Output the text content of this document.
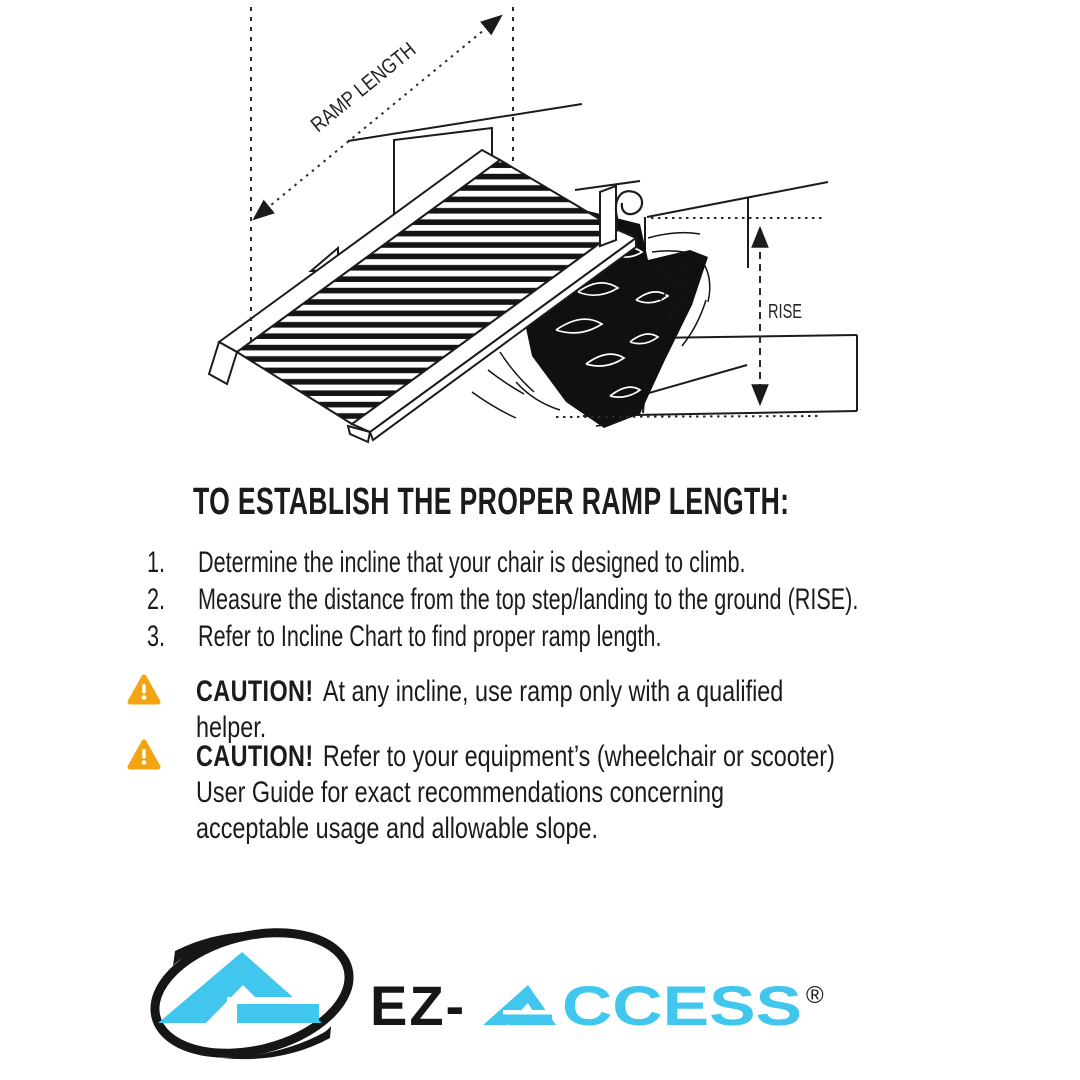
RAMP LENGTH
RISE
TO ESTABLISH THE PROPER RAMP LENGTH:
1. Determine the incline that your chair is designed to climb.
2. Measure the distance from the top step/landing to the ground (RISE).
3. Refer to Incline Chart to find proper ramp length.
CAUTION! At any incline, use ramp only with a qualified
helper.
CAUTION! Refer to your equipment’s (wheelchair or scooter)
User Guide for exact recommendations concerning
acceptable usage and allowable slope.
EZ- CCESS ®
